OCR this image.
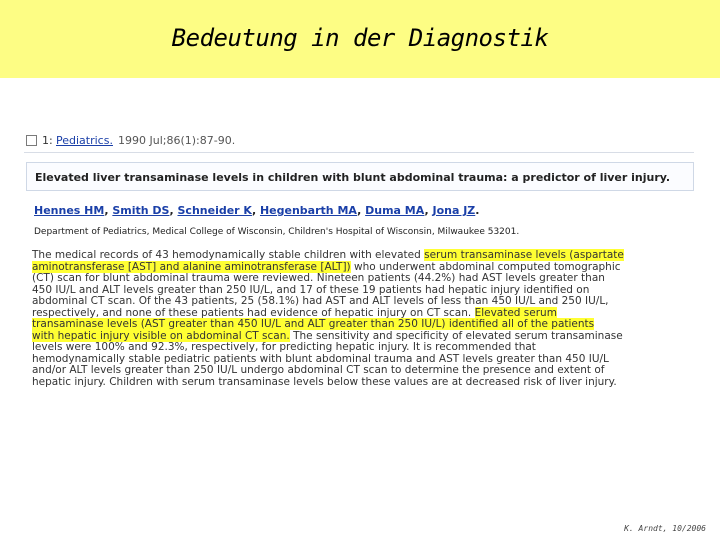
Bedeutung in der Diagnostik
1: Pediatrics. 1990 Jul;86(1):87-90.
Elevated liver transaminase levels in children with blunt abdominal trauma: a predictor of liver injury.
Hennes HM, Smith DS, Schneider K, Hegenbarth MA, Duma MA, Jona JZ.
Department of Pediatrics, Medical College of Wisconsin, Children's Hospital of Wisconsin, Milwaukee 53201.
The medical records of 43 hemodynamically stable children with elevated serum transaminase levels (aspartate
aminotransferase [AST] and alanine aminotransferase [ALT]) who underwent abdominal computed tomographic
(CT) scan for blunt abdominal trauma were reviewed. Nineteen patients (44.2%) had AST levels greater than
450 IU/L and ALT levels greater than 250 IU/L, and 17 of these 19 patients had hepatic injury identified on
abdominal CT scan. Of the 43 patients, 25 (58.1%) had AST and ALT levels of less than 450 IU/L and 250 IU/L,
respectively, and none of these patients had evidence of hepatic injury on CT scan. Elevated serum
transaminase levels (AST greater than 450 IU/L and ALT greater than 250 IU/L) identified all of the patients
with hepatic injury visible on abdominal CT scan. The sensitivity and specificity of elevated serum transaminase
levels were 100% and 92.3%, respectively, for predicting hepatic injury. It is recommended that
hemodynamically stable pediatric patients with blunt abdominal trauma and AST levels greater than 450 IU/L
and/or ALT levels greater than 250 IU/L undergo abdominal CT scan to determine the presence and extent of
hepatic injury. Children with serum transaminase levels below these values are at decreased risk of liver injury.
K. Arndt, 10/2006
